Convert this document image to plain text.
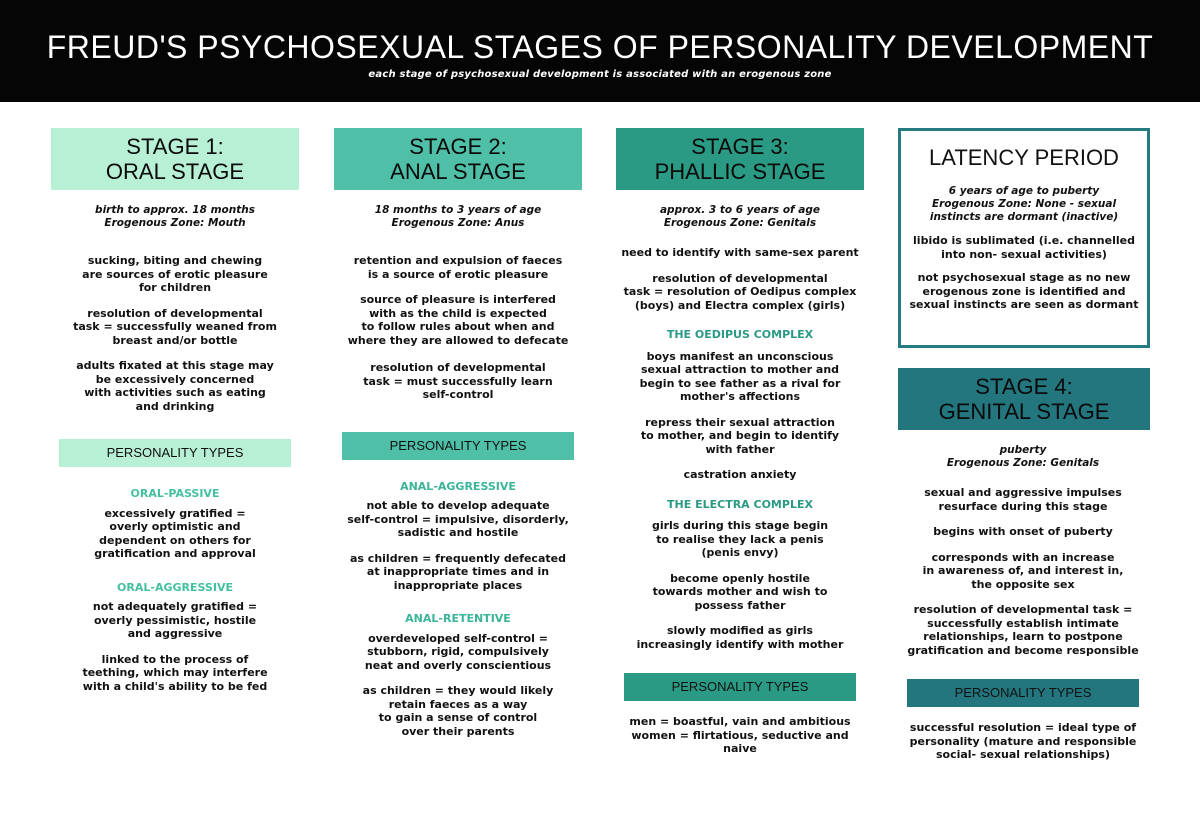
FREUD'S PSYCHOSEXUAL STAGES OF PERSONALITY DEVELOPMENT
each stage of psychosexual development is associated with an erogenous zone
STAGE 1:
ORAL STAGE
birth to approx. 18 months
Erogenous Zone: Mouth
sucking, biting and chewing
are sources of erotic pleasure
for children
resolution of developmental
task = successfully weaned from
breast and/or bottle
adults fixated at this stage may
be excessively concerned
with activities such as eating
and drinking
PERSONALITY TYPES
ORAL-PASSIVE
excessively gratified =
overly optimistic and
dependent on others for
gratification and approval
ORAL-AGGRESSIVE
not adequately gratified =
overly pessimistic, hostile
and aggressive
linked to the process of
teething, which may interfere
with a child's ability to be fed
STAGE 2:
ANAL STAGE
18 months to 3 years of age
Erogenous Zone: Anus
retention and expulsion of faeces
is a source of erotic pleasure
source of pleasure is interfered
with as the child is expected
to follow rules about when and
where they are allowed to defecate
resolution of developmental
task = must successfully learn
self-control
PERSONALITY TYPES
ANAL-AGGRESSIVE
not able to develop adequate
self-control = impulsive, disorderly,
sadistic and hostile
as children = frequently defecated
at inappropriate times and in
inappropriate places
ANAL-RETENTIVE
overdeveloped self-control =
stubborn, rigid, compulsively
neat and overly conscientious
as children = they would likely
retain faeces as a way
to gain a sense of control
over their parents
STAGE 3:
PHALLIC STAGE
approx. 3 to 6 years of age
Erogenous Zone: Genitals
need to identify with same-sex parent
resolution of developmental
task = resolution of Oedipus complex
(boys) and Electra complex (girls)
THE OEDIPUS COMPLEX
boys manifest an unconscious
sexual attraction to mother and
begin to see father as a rival for
mother's affections
repress their sexual attraction
to mother, and begin to identify
with father
castration anxiety
THE ELECTRA COMPLEX
girls during this stage begin
to realise they lack a penis
(penis envy)
become openly hostile
towards mother and wish to
possess father
slowly modified as girls
increasingly identify with mother
PERSONALITY TYPES
men = boastful, vain and ambitious
women = flirtatious, seductive and
naive
LATENCY PERIOD
6 years of age to puberty
Erogenous Zone: None - sexual
instincts are dormant (inactive)
libido is sublimated (i.e. channelled
into non- sexual activities)
not psychosexual stage as no new
erogenous zone is identified and
sexual instincts are seen as dormant
STAGE 4:
GENITAL STAGE
puberty
Erogenous Zone: Genitals
sexual and aggressive impulses
resurface during this stage
begins with onset of puberty
corresponds with an increase
in awareness of, and interest in,
the opposite sex
resolution of developmental task =
successfully establish intimate
relationships, learn to postpone
gratification and become responsible
PERSONALITY TYPES
successful resolution = ideal type of
personality (mature and responsible
social- sexual relationships)
